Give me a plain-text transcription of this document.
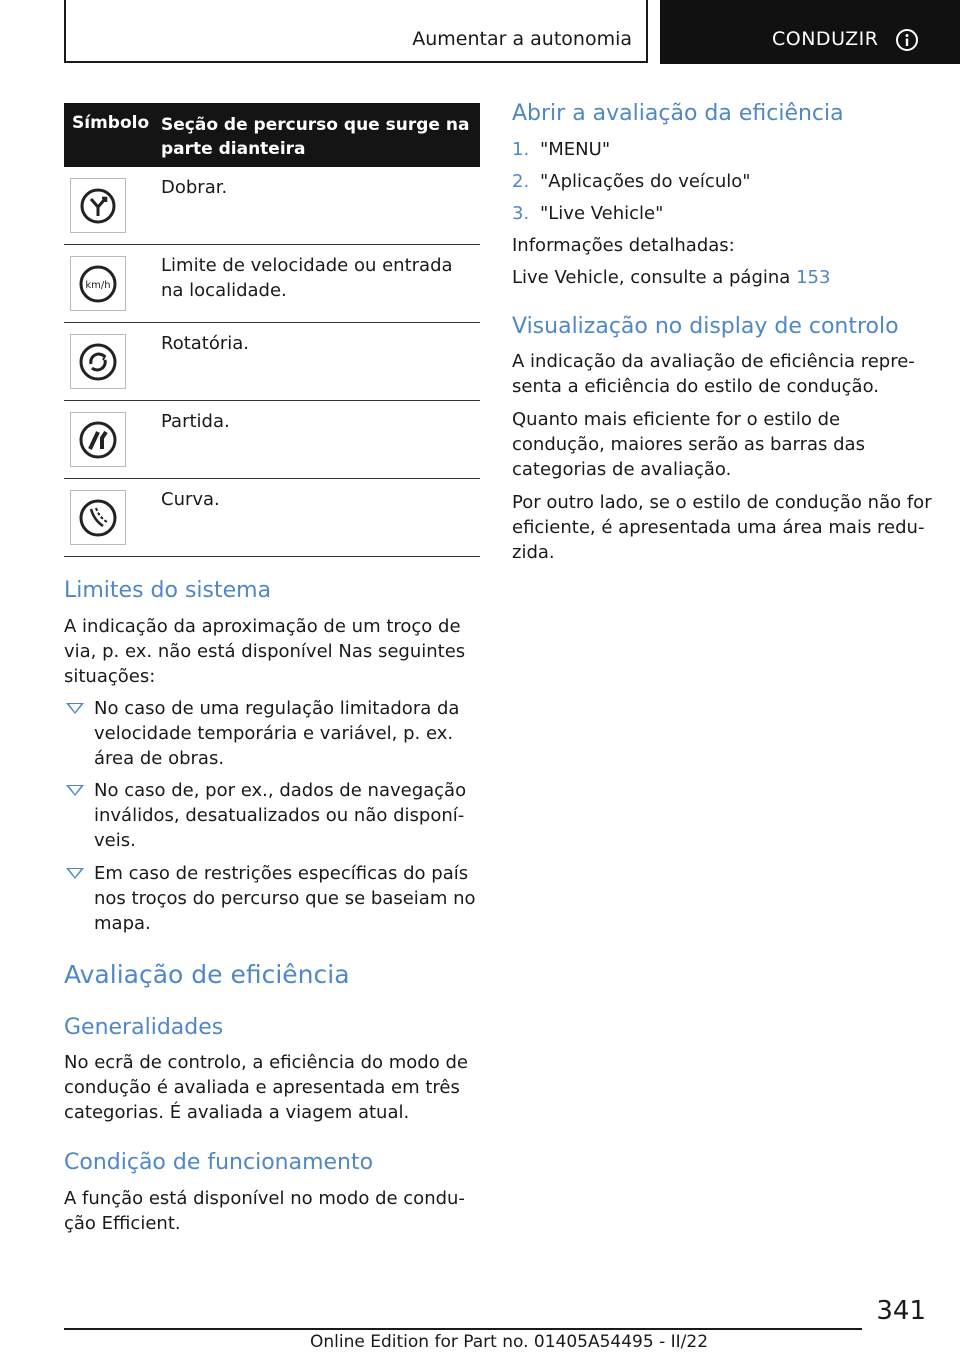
Aumentar a autonomia	CONDUZIR
Símbolo Seção de percurso que surge na parte dianteira
Dobrar.
km/h
Limite de velocidade ou entrada na localidade.
Rotatória.
Partida.
Curva.
Limites do sistema
A indicação da aproximação de um troço de via, p. ex. não está disponível Nas seguintes situações:
No caso de uma regulação limitadora da velocidade temporária e variável, p. ex. área de obras.
No caso de, por ex., dados de navegação inválidos, desatualizados ou não disponí-veis.
Em caso de restrições específicas do país nos troços do percurso que se baseiam no mapa.
Avaliação de eficiência
Generalidades
No ecrã de controlo, a eficiência do modo de condução é avaliada e apresentada em três categorias. É avaliada a viagem atual.
Condição de funcionamento
A função está disponível no modo de condu-ção Efficient.
Abrir a avaliação da eficiência
1. "MENU"
2. "Aplicações do veículo"
3. "Live Vehicle"
Informações detalhadas:
Live Vehicle, consulte a página 153
Visualização no display de controlo
A indicação da avaliação de eficiência repre-senta a eficiência do estilo de condução.
Quanto mais eficiente for o estilo de condução, maiores serão as barras das categorias de avaliação.
Por outro lado, se o estilo de condução não for eficiente, é apresentada uma área mais redu-zida.
341
Online Edition for Part no. 01405A54495 - II/22
